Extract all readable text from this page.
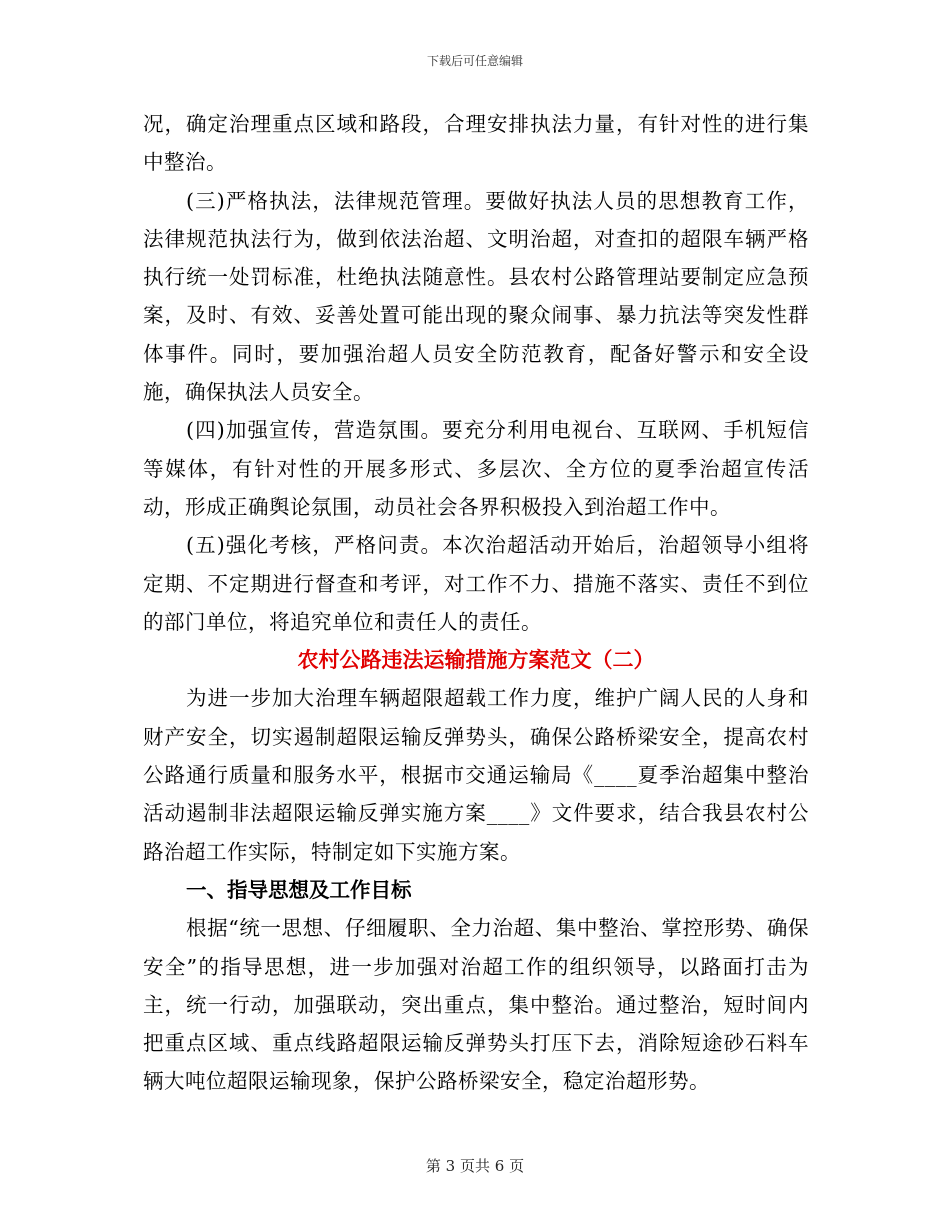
下载后可任意编辑

况，确定治理重点区域和路段，合理安排执法力量，有针对性的进行集中整治。

(三)严格执法，法律规范管理。要做好执法人员的思想教育工作，法律规范执法行为，做到依法治超、文明治超，对查扣的超限车辆严格执行统一处罚标准，杜绝执法随意性。县农村公路管理站要制定应急预案，及时、有效、妥善处置可能出现的聚众闹事、暴力抗法等突发性群体事件。同时，要加强治超人员安全防范教育，配备好警示和安全设施，确保执法人员安全。

(四)加强宣传，营造氛围。要充分利用电视台、互联网、手机短信等媒体，有针对性的开展多形式、多层次、全方位的夏季治超宣传活动，形成正确舆论氛围，动员社会各界积极投入到治超工作中。

(五)强化考核，严格问责。本次治超活动开始后，治超领导小组将定期、不定期进行督查和考评，对工作不力、措施不落实、责任不到位的部门单位，将追究单位和责任人的责任。

农村公路违法运输措施方案范文（二）

为进一步加大治理车辆超限超载工作力度，维护广阔人民的人身和财产安全，切实遏制超限运输反弹势头，确保公路桥梁安全，提高农村公路通行质量和服务水平，根据市交通运输局《____夏季治超集中整治活动遏制非法超限运输反弹实施方案____》文件要求，结合我县农村公路治超工作实际，特制定如下实施方案。

一、指导思想及工作目标

根据“统一思想、仔细履职、全力治超、集中整治、掌控形势、确保安全”的指导思想，进一步加强对治超工作的组织领导，以路面打击为主，统一行动，加强联动，突出重点，集中整治。通过整治，短时间内把重点区域、重点线路超限运输反弹势头打压下去，消除短途砂石料车辆大吨位超限运输现象，保护公路桥梁安全，稳定治超形势。

第 3 页共 6 页
